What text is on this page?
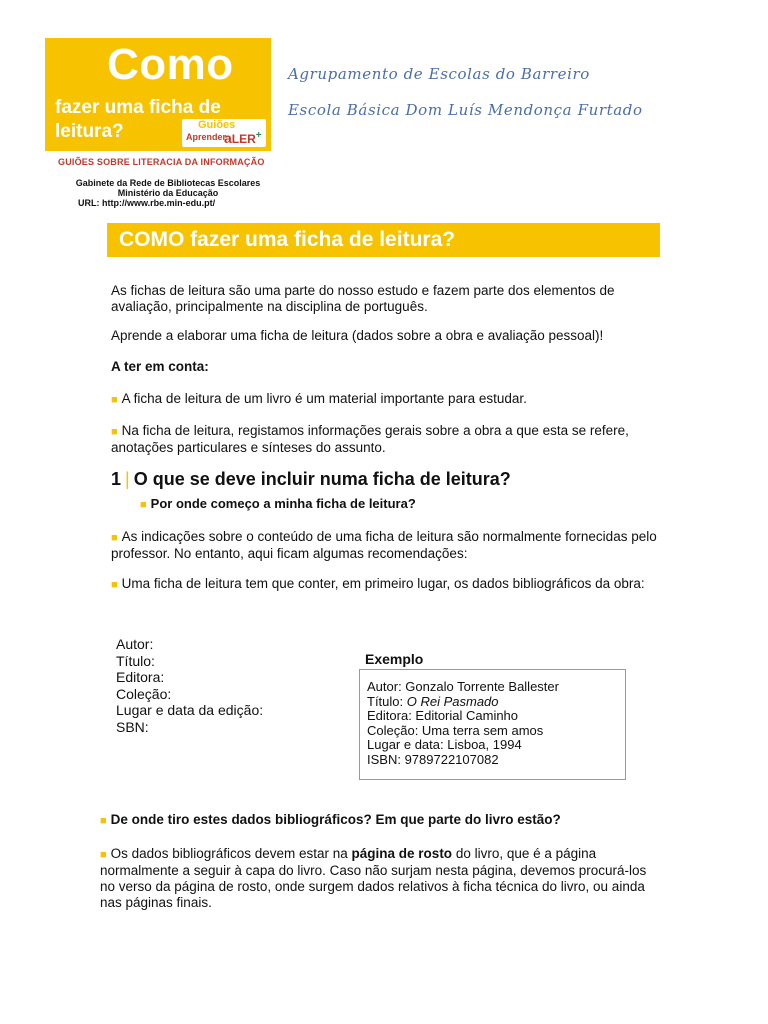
Como
fazer uma ficha de leitura?	Guiões
Aprender
aLER+
GUIÕES SOBRE LITERACIA DA INFORMAÇÃO
Gabinete da Rede de Bibliotecas Escolares
Ministério da Educação
URL: http://www.rbe.min-edu.pt/
Agrupamento de Escolas do Barreiro
Escola Básica Dom Luís Mendonça Furtado
COMO fazer uma ficha de leitura?
As fichas de leitura são uma parte do nosso estudo e fazem parte dos elementos de avaliação, principalmente na disciplina de português.
Aprende a elaborar uma ficha de leitura (dados sobre a obra e avaliação pessoal)!
A ter em conta:
■ A ficha de leitura de um livro é um material importante para estudar.
■ Na ficha de leitura, registamos informações gerais sobre a obra a que esta se refere, anotações particulares e sínteses do assunto.
1 | O que se deve incluir numa ficha de leitura?
■ Por onde começo a minha ficha de leitura?
■ As indicações sobre o conteúdo de uma ficha de leitura são normalmente fornecidas pelo professor. No entanto, aqui ficam algumas recomendações:
■ Uma ficha de leitura tem que conter, em primeiro lugar, os dados bibliográficos da obra:
Autor:
Título:
Editora:
Coleção:
Lugar e data da edição:
SBN:
Exemplo
Autor: Gonzalo Torrente Ballester
Título: O Rei Pasmado
Editora: Editorial Caminho
Coleção: Uma terra sem amos
Lugar e data: Lisboa, 1994
ISBN: 9789722107082
■ De onde tiro estes dados bibliográficos? Em que parte do livro estão?
■ Os dados bibliográficos devem estar na página de rosto do livro, que é a página normalmente a seguir à capa do livro. Caso não surjam nesta página, devemos procurá-los no verso da página de rosto, onde surgem dados relativos à ficha técnica do livro, ou ainda nas páginas finais.
